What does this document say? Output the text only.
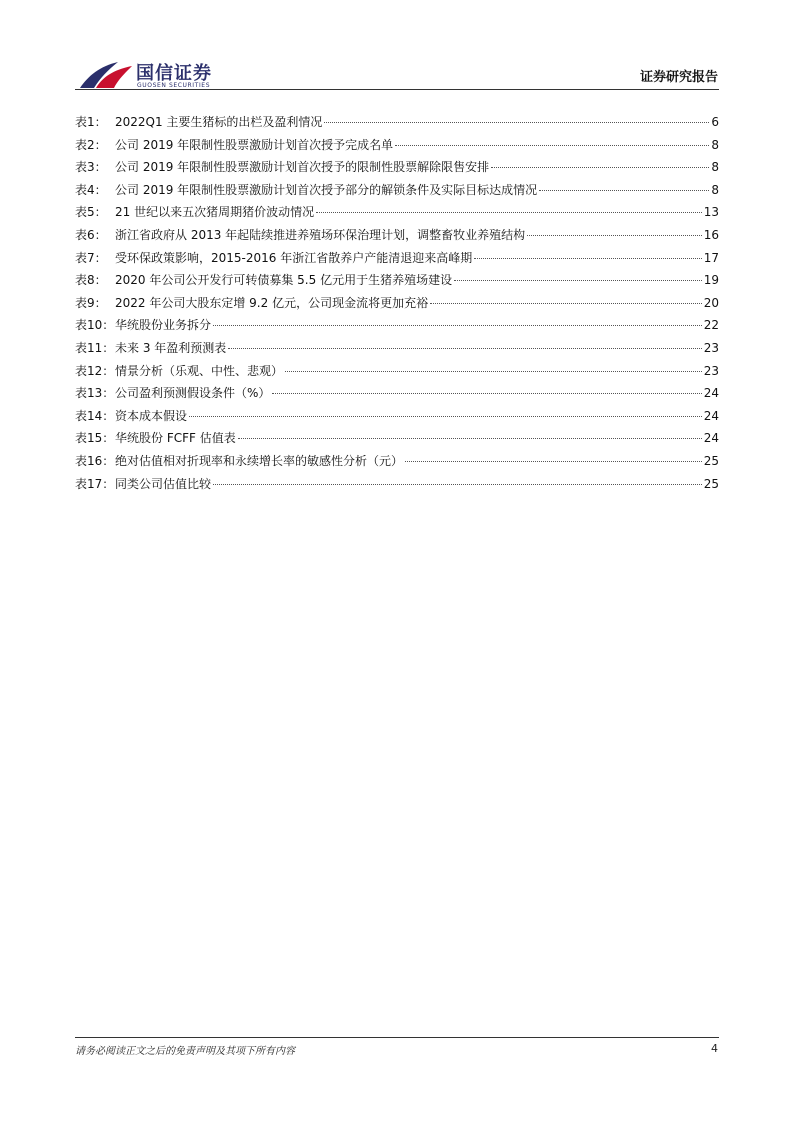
国信证券
GUOSEN SECURITIES
证券研究报告
表1： 2022Q1 主要生猪标的出栏及盈利情况	6
表2： 公司 2019 年限制性股票激励计划首次授予完成名单	8
表3： 公司 2019 年限制性股票激励计划首次授予的限制性股票解除限售安排	8
表4： 公司 2019 年限制性股票激励计划首次授予部分的解锁条件及实际目标达成情况	8
表5： 21 世纪以来五次猪周期猪价波动情况	13
表6： 浙江省政府从 2013 年起陆续推进养殖场环保治理计划，调整畜牧业养殖结构	16
表7： 受环保政策影响，2015-2016 年浙江省散养户产能清退迎来高峰期	17
表8： 2020 年公司公开发行可转债募集 5.5 亿元用于生猪养殖场建设	19
表9： 2022 年公司大股东定增 9.2 亿元，公司现金流将更加充裕	20
表10： 华统股份业务拆分	22
表11： 未来 3 年盈利预测表	23
表12： 情景分析（乐观、中性、悲观）	23
表13： 公司盈利预测假设条件（%）	24
表14： 资本成本假设	24
表15： 华统股份 FCFF 估值表	24
表16： 绝对估值相对折现率和永续增长率的敏感性分析（元）	25
表17： 同类公司估值比较	25
请务必阅读正文之后的免责声明及其项下所有内容	4
